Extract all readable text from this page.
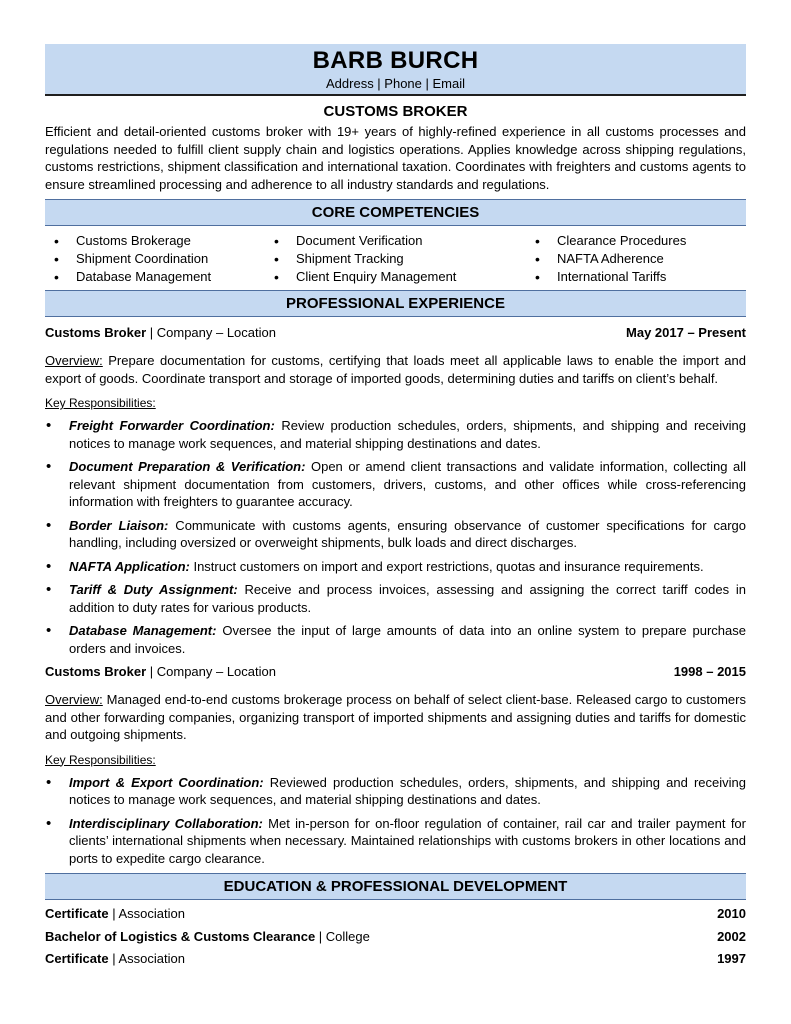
BARB BURCH
Address | Phone | Email
CUSTOMS BROKER
Efficient and detail-oriented customs broker with 19+ years of highly-refined experience in all customs processes and regulations needed to fulfill client supply chain and logistics operations. Applies knowledge across shipping regulations, customs restrictions, shipment classification and international taxation. Coordinates with freighters and customs agents to ensure streamlined processing and adherence to all industry standards and regulations.
CORE COMPETENCIES
• Customs Brokerage
• Shipment Coordination
• Database Management
• Document Verification
• Shipment Tracking
• Client Enquiry Management
• Clearance Procedures
• NAFTA Adherence
• International Tariffs
PROFESSIONAL EXPERIENCE
Customs Broker | Company – Location	May 2017 – Present
Overview: Prepare documentation for customs, certifying that loads meet all applicable laws to enable the import and export of goods. Coordinate transport and storage of imported goods, determining duties and tariffs on client’s behalf.
Key Responsibilities:
• Freight Forwarder Coordination: Review production schedules, orders, shipments, and shipping and receiving notices to manage work sequences, and material shipping destinations and dates.
• Document Preparation & Verification: Open or amend client transactions and validate information, collecting all relevant shipment documentation from customers, drivers, customs, and other offices while cross-referencing information with freighters to guarantee accuracy.
• Border Liaison: Communicate with customs agents, ensuring observance of customer specifications for cargo handling, including oversized or overweight shipments, bulk loads and direct discharges.
• NAFTA Application: Instruct customers on import and export restrictions, quotas and insurance requirements.
• Tariff & Duty Assignment: Receive and process invoices, assessing and assigning the correct tariff codes in addition to duty rates for various products.
• Database Management: Oversee the input of large amounts of data into an online system to prepare purchase orders and invoices.
Customs Broker | Company – Location	1998 – 2015
Overview: Managed end-to-end customs brokerage process on behalf of select client-base. Released cargo to customers and other forwarding companies, organizing transport of imported shipments and assigning duties and tariffs for domestic and outgoing shipments.
Key Responsibilities:
• Import & Export Coordination: Reviewed production schedules, orders, shipments, and shipping and receiving notices to manage work sequences, and material shipping destinations and dates.
• Interdisciplinary Collaboration: Met in-person for on-floor regulation of container, rail car and trailer payment for clients’ international shipments when necessary. Maintained relationships with customs brokers in other locations and ports to expedite cargo clearance.
EDUCATION & PROFESSIONAL DEVELOPMENT
Certificate | Association	2010
Bachelor of Logistics & Customs Clearance | College	2002
Certificate | Association	1997
